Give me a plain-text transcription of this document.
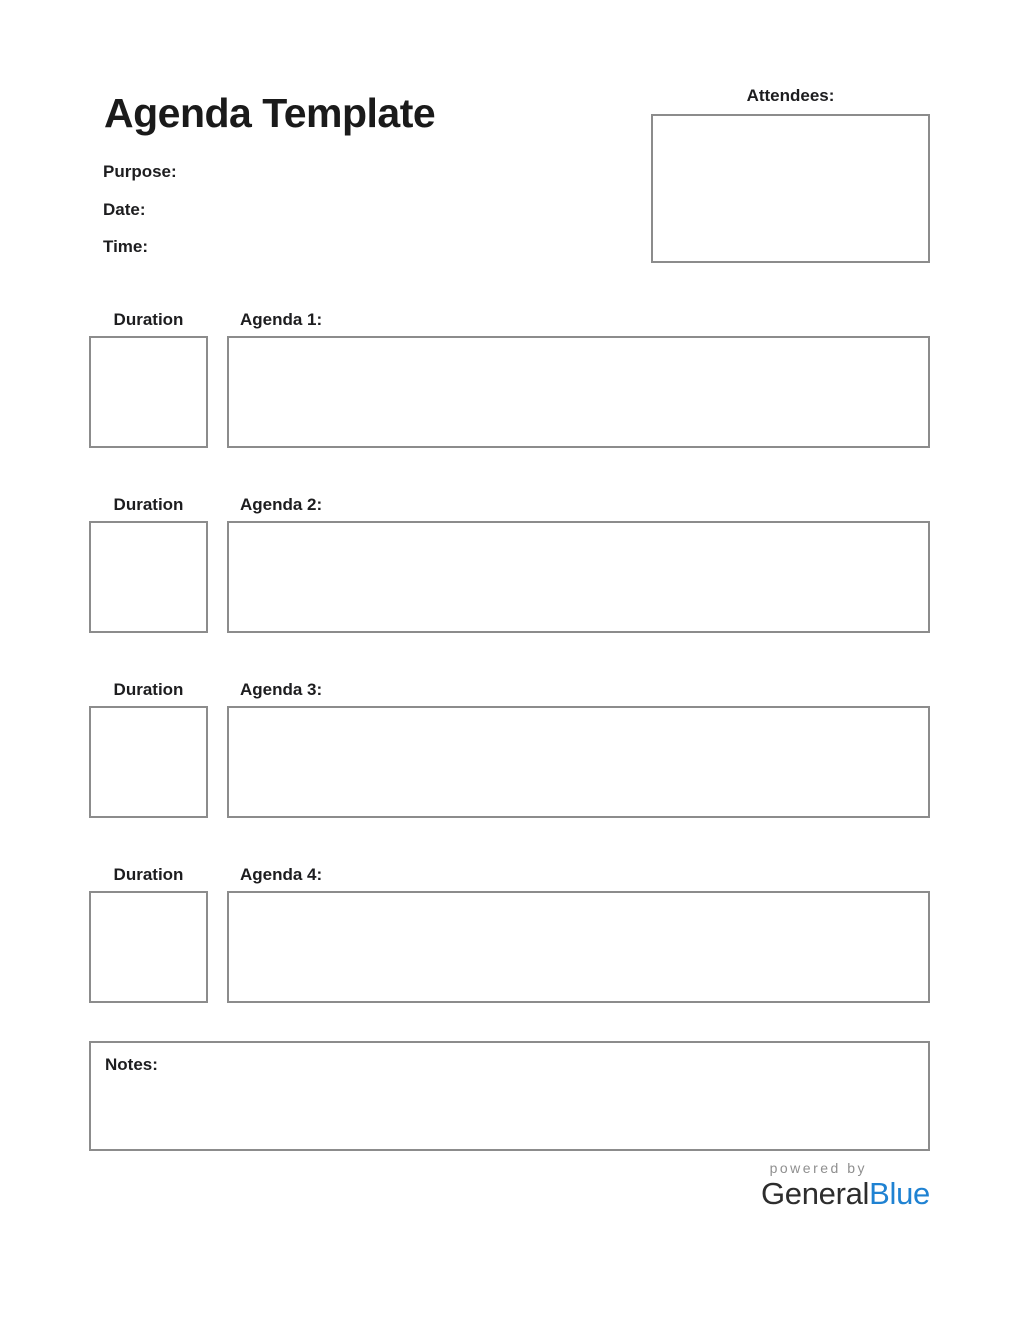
Agenda Template
Purpose:
Date:
Time:
Attendees:
Duration	Agenda 1:
Duration	Agenda 2:
Duration	Agenda 3:
Duration	Agenda 4:
Notes:
powered by
GeneralBlue
